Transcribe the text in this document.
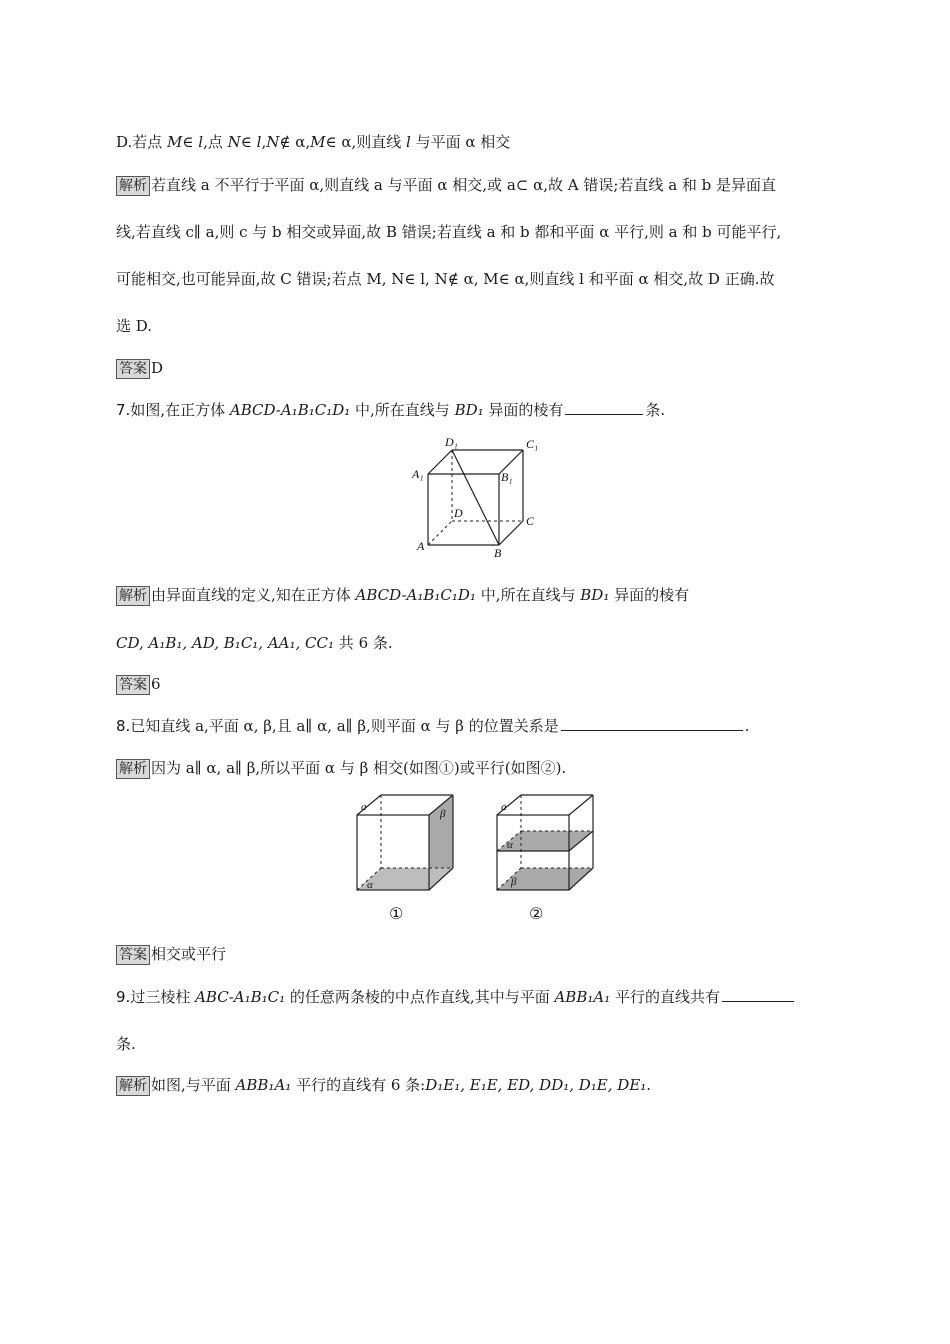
D.若点 M∈ l,点 N∈ l,N∉ α,M∈ α,则直线 l 与平面 α 相交
解析 若直线 a 不平行于平面 α,则直线 a 与平面 α 相交,或 a⊂ α,故 A 错误;若直线 a 和 b 是异面直
线,若直线 c∥ a,则 c 与 b 相交或异面,故 B 错误;若直线 a 和 b 都和平面 α 平行,则 a 和 b 可能平行,
可能相交,也可能异面,故 C 错误;若点 M, N∈ l, N∉ α, M∈ α,则直线 l 和平面 α 相交,故 D 正确.故
选 D.
答案 D
7.如图,在正方体 ABCD-A₁B₁C₁D₁ 中,所在直线与 BD₁ 异面的棱有	条.
D₁	C₁
A₁	B₁
D
C
A	B
解析 由异面直线的定义,知在正方体 ABCD-A₁B₁C₁D₁ 中,所在直线与 BD₁ 异面的棱有
CD, A₁B₁, AD, B₁C₁, AA₁, CC₁ 共 6 条.
答案 6
8.已知直线 a,平面 α, β,且 a∥ α, a∥ β,则平面 α 与 β 的位置关系是	.
解析 因为 a∥ α, a∥ β,所以平面 α 与 β 相交(如图①)或平行(如图②).
a
β
α
①
a
α
β
②
答案 相交或平行
9.过三棱柱 ABC-A₁B₁C₁ 的任意两条棱的中点作直线,其中与平面 ABB₁A₁ 平行的直线共有
条.
解析 如图,与平面 ABB₁A₁ 平行的直线有 6 条:D₁E₁, E₁E, ED, DD₁, D₁E, DE₁.
